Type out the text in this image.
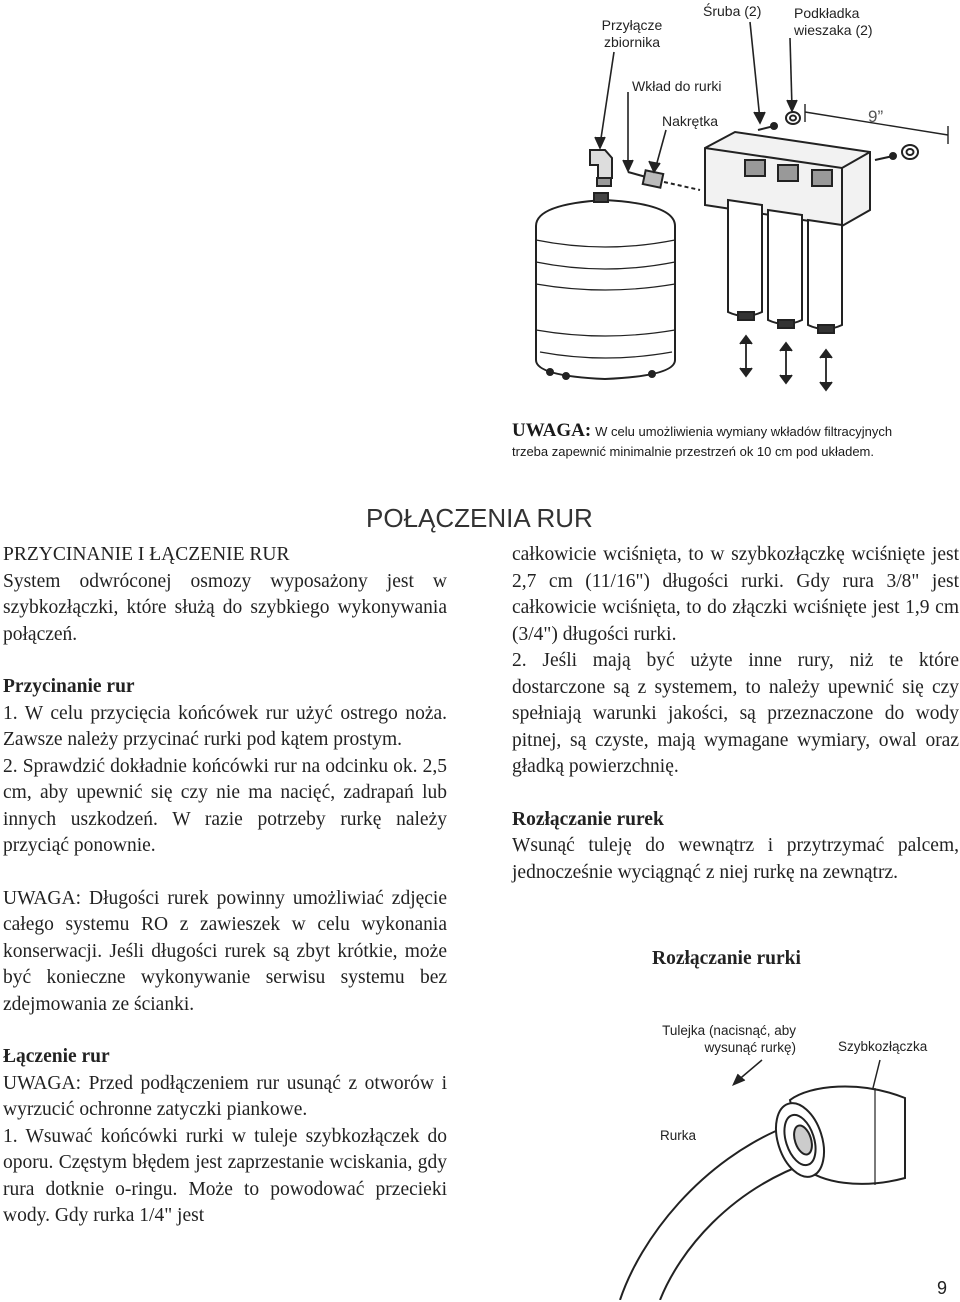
Przyłącze
zbiornika
Śruba (2) Podkładka
wieszaka (2)
Wkład do rurki
Nakrętka	9”
UWAGA: W celu umożliwienia wymiany wkładów filtracyjnych
trzeba zapewnić minimalnie przestrzeń ok 10 cm pod układem.
POŁĄCZENIA RUR

PRZYCINANIE I ŁĄCZENIE RUR

System odwróconej osmozy wyposażony jest w szybkozłączki, które służą do szybkiego wykonywania połączeń.

Przycinanie rur

1. W celu przycięcia końcówek rur użyć ostrego noża. Zawsze należy przycinać rurki pod kątem prostym.

2. Sprawdzić dokładnie końcówki rur na odcinku ok. 2,5 cm, aby upewnić się czy nie ma nacięć, zadrapań lub innych uszkodzeń. W razie potrzeby rurkę należy przyciąć ponownie.

UWAGA: Długości rurek powinny umożliwiać zdjęcie całego systemu RO z zawieszek w celu wykonania konserwacji. Jeśli długości rurek są zbyt krótkie, może być konieczne wykonywanie serwisu systemu bez zdejmowania ze ścianki.

Łączenie rur

UWAGA: Przed podłączeniem rur usunąć z otworów i wyrzucić ochronne zatyczki piankowe.

1. Wsuwać końcówki rurki w tuleje szybkozłączek do oporu. Częstym błędem jest zaprzestanie wciskania, gdy rura dotknie o-ringu. Może to powodować przecieki wody. Gdy rurka 1/4" jest

całkowicie wciśnięta, to w szybkozłączkę wciśnięte jest 2,7 cm (11/16") długości rurki. Gdy rura 3/8" jest całkowicie wciśnięta, to do złączki wciśnięte jest 1,9 cm (3/4") długości rurki.

2. Jeśli mają być użyte inne rury, niż te które dostarczone są z systemem, to należy upewnić się czy spełniają warunki jakości, są przeznaczone do wody pitnej, są czyste, mają wymagane wymiary, owal oraz gładką powierzchnię.

Rozłączanie rurek

Wsunąć tuleję do wewnątrz i przytrzymać palcem, jednocześnie wyciągnąć z niej rurkę na zewnątrz.

Rozłączanie rurki
Tulejka (nacisnąć, aby
wysunąć rurkę)	Szybkozłączka
Rurka
9
